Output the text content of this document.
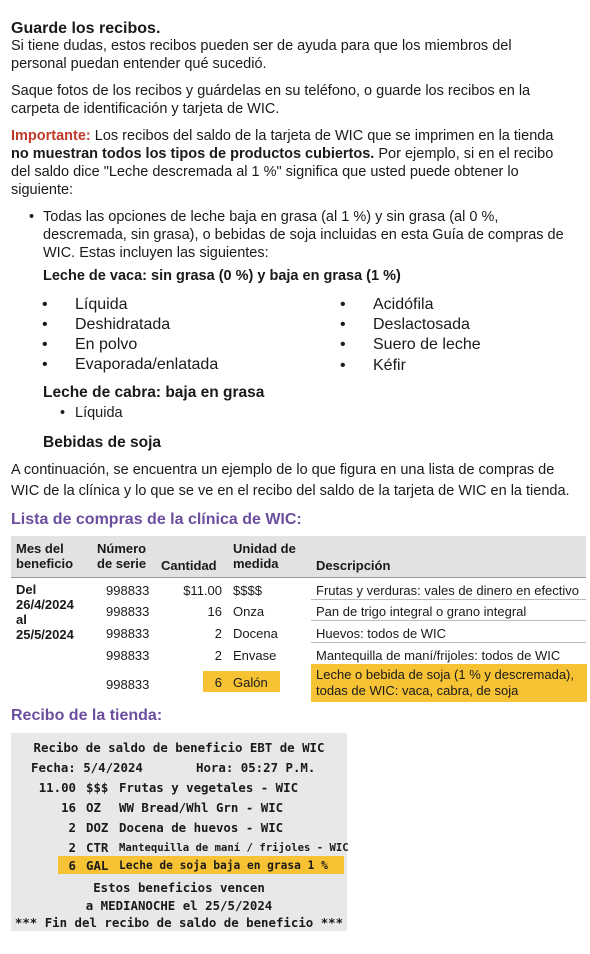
Guarde los recibos.
Si tiene dudas, estos recibos pueden ser de ayuda para que los miembros del
personal puedan entender qué sucedió.
Saque fotos de los recibos y guárdelas en su teléfono, o guarde los recibos en la
carpeta de identificación y tarjeta de WIC.
Importante: Los recibos del saldo de la tarjeta de WIC que se imprimen en la tienda
no muestran todos los tipos de productos cubiertos. Por ejemplo, si en el recibo
del saldo dice "Leche descremada al 1 %" significa que usted puede obtener lo
siguiente:
• Todas las opciones de leche baja en grasa (al 1 %) y sin grasa (al 0 %,
descremada, sin grasa), o bebidas de soja incluidas en esta Guía de compras de
WIC. Estas incluyen las siguientes:
Leche de vaca: sin grasa (0 %) y baja en grasa (1 %)
• Líquida
• Deshidratada
• En polvo
• Evaporada/enlatada
• Acidófila
• Deslactosada
• Suero de leche
• Kéfir
Leche de cabra: baja en grasa
• Líquida
Bebidas de soja
A continuación, se encuentra un ejemplo de lo que figura en una lista de compras de
WIC de la clínica y lo que se ve en el recibo del saldo de la tarjeta de WIC en la tienda.
Lista de compras de la clínica de WIC:
Mes del
beneficio
Número
de serie Cantidad
Unidad de
medida	Descripción
Del
26/4/2024
al
25/5/2024
998833	$11.00 $$$$	Frutas y verduras: vales de dinero en efectivo
998833	16 Onza	Pan de trigo integral o grano integral
998833	2 Docena	Huevos: todos de WIC
998833	2 Envase	Mantequilla de maní/frijoles: todos de WIC
998833	6 Galón
Leche o bebida de soja (1 % y descremada),
todas de WIC: vaca, cabra, de soja
Recibo de la tienda:
Recibo de saldo de beneficio EBT de WIC
Fecha: 5/4/2024	Hora: 05:27 P.M.
11.00 $$$ Frutas y vegetales - WIC
16 OZ WW Bread/Whl Grn - WIC
2 DOZ Docena de huevos - WIC
2 CTR Mantequilla de maní / frijoles - WIC
6 GAL Leche de soja baja en grasa 1 %
Estos beneficios vencen
a MEDIANOCHE el 25/5/2024
*** Fin del recibo de saldo de beneficio ***
